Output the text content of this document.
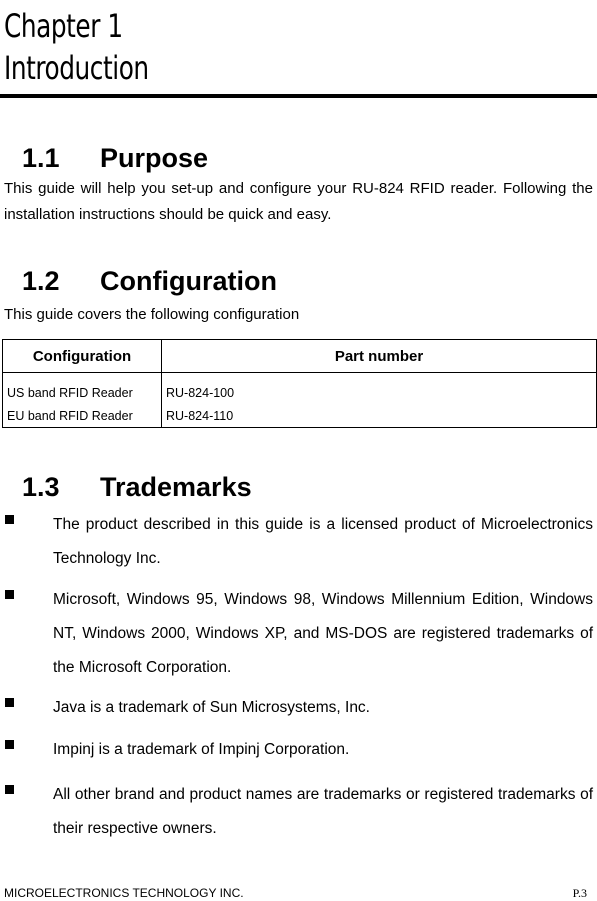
Chapter 1
Introduction
1.1 Purpose
This guide will help you set-up and configure your RU-824 RFID reader. Following the installation instructions should be quick and easy.
1.2 Configuration
This guide covers the following configuration
Configuration	Part number
US band RFID Reader	RU-824-100
EU band RFID Reader	RU-824-110
1.3 Trademarks
The product described in this guide is a licensed product of Microelectronics Technology Inc.
Microsoft, Windows 95, Windows 98, Windows Millennium Edition, Windows NT, Windows 2000, Windows XP, and MS-DOS are registered trademarks of the Microsoft Corporation.
Java is a trademark of Sun Microsystems, Inc.
Impinj is a trademark of Impinj Corporation.
All other brand and product names are trademarks or registered trademarks of their respective owners.
MICROELECTRONICS TECHNOLOGY INC.	P.3
